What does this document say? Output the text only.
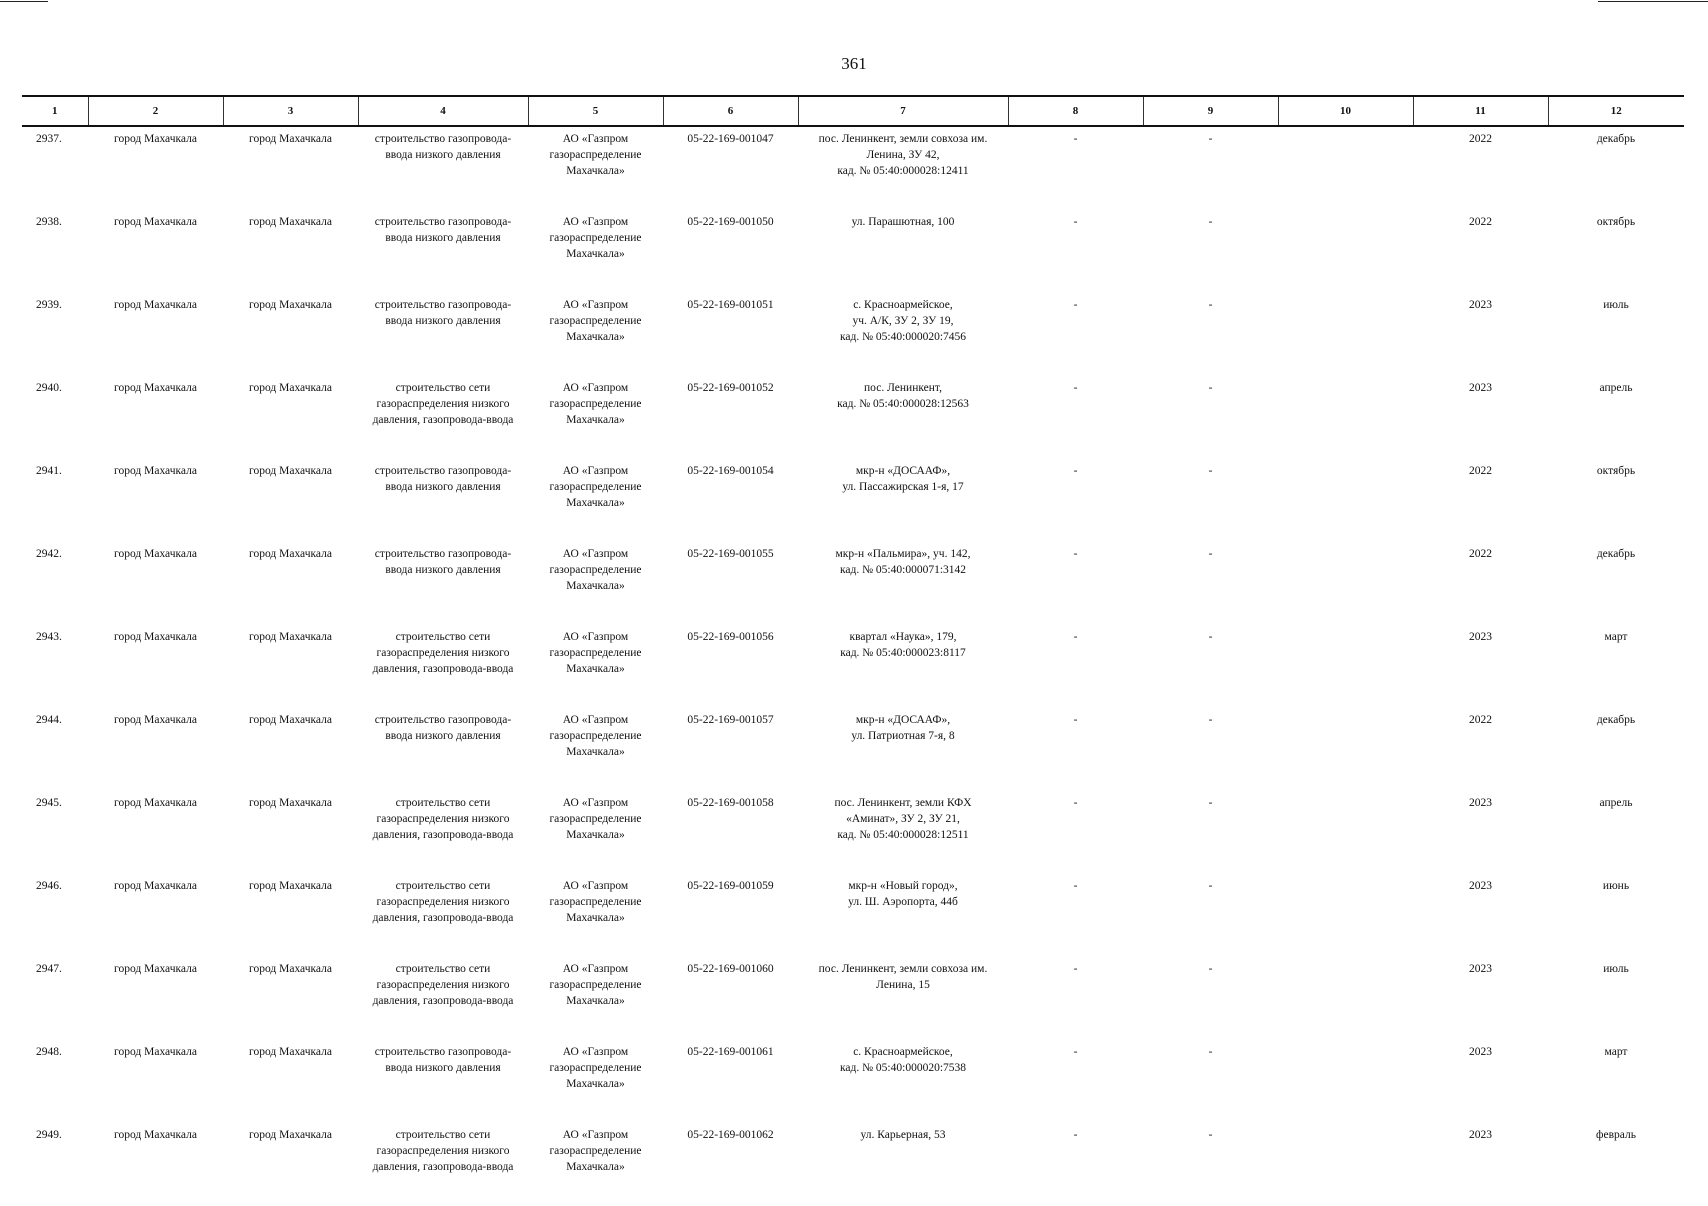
361
1	2	3	4	5	6	7	8	9	10	11	12
2937.	город Махачкала	город Махачкала	строительство газопровода-
ввода низкого давления	АО «Газпром
газораспределение
Махачкала»	05-22-169-001047	пос. Ленинкент, земли совхоза им.
Ленина, ЗУ 42,
кад. № 05:40:000028:12411	-	-		2022	декабрь
2938.	город Махачкала	город Махачкала	строительство газопровода-
ввода низкого давления	АО «Газпром
газораспределение
Махачкала»	05-22-169-001050	ул. Парашютная, 100	-	-		2022	октябрь
2939.	город Махачкала	город Махачкала	строительство газопровода-
ввода низкого давления	АО «Газпром
газораспределение
Махачкала»	05-22-169-001051	с. Красноармейское,
уч. А/К, ЗУ 2, ЗУ 19,
кад. № 05:40:000020:7456	-	-		2023	июль
2940.	город Махачкала	город Махачкала	строительство сети
газораспределения низкого
давления, газопровода-ввода	АО «Газпром
газораспределение
Махачкала»	05-22-169-001052	пос. Ленинкент,
кад. № 05:40:000028:12563	-	-		2023	апрель
2941.	город Махачкала	город Махачкала	строительство газопровода-
ввода низкого давления	АО «Газпром
газораспределение
Махачкала»	05-22-169-001054	мкр-н «ДОСААФ»,
ул. Пассажирская 1-я, 17	-	-		2022	октябрь
2942.	город Махачкала	город Махачкала	строительство газопровода-
ввода низкого давления	АО «Газпром
газораспределение
Махачкала»	05-22-169-001055	мкр-н «Пальмира», уч. 142,
кад. № 05:40:000071:3142	-	-		2022	декабрь
2943.	город Махачкала	город Махачкала	строительство сети
газораспределения низкого
давления, газопровода-ввода	АО «Газпром
газораспределение
Махачкала»	05-22-169-001056	квартал «Наука», 179,
кад. № 05:40:000023:8117	-	-		2023	март
2944.	город Махачкала	город Махачкала	строительство газопровода-
ввода низкого давления	АО «Газпром
газораспределение
Махачкала»	05-22-169-001057	мкр-н «ДОСААФ»,
ул. Патриотная 7-я, 8	-	-		2022	декабрь
2945.	город Махачкала	город Махачкала	строительство сети
газораспределения низкого
давления, газопровода-ввода	АО «Газпром
газораспределение
Махачкала»	05-22-169-001058	пос. Ленинкент, земли КФХ
«Аминат», ЗУ 2, ЗУ 21,
кад. № 05:40:000028:12511	-	-		2023	апрель
2946.	город Махачкала	город Махачкала	строительство сети
газораспределения низкого
давления, газопровода-ввода	АО «Газпром
газораспределение
Махачкала»	05-22-169-001059	мкр-н «Новый город»,
ул. Ш. Аэропорта, 44б	-	-		2023	июнь
2947.	город Махачкала	город Махачкала	строительство сети
газораспределения низкого
давления, газопровода-ввода	АО «Газпром
газораспределение
Махачкала»	05-22-169-001060	пос. Ленинкент, земли совхоза им.
Ленина, 15	-	-		2023	июль
2948.	город Махачкала	город Махачкала	строительство газопровода-
ввода низкого давления	АО «Газпром
газораспределение
Махачкала»	05-22-169-001061	с. Красноармейское,
кад. № 05:40:000020:7538	-	-		2023	март
2949.	город Махачкала	город Махачкала	строительство сети
газораспределения низкого
давления, газопровода-ввода	АО «Газпром
газораспределение
Махачкала»	05-22-169-001062	ул. Карьерная, 53	-	-		2023	февраль
